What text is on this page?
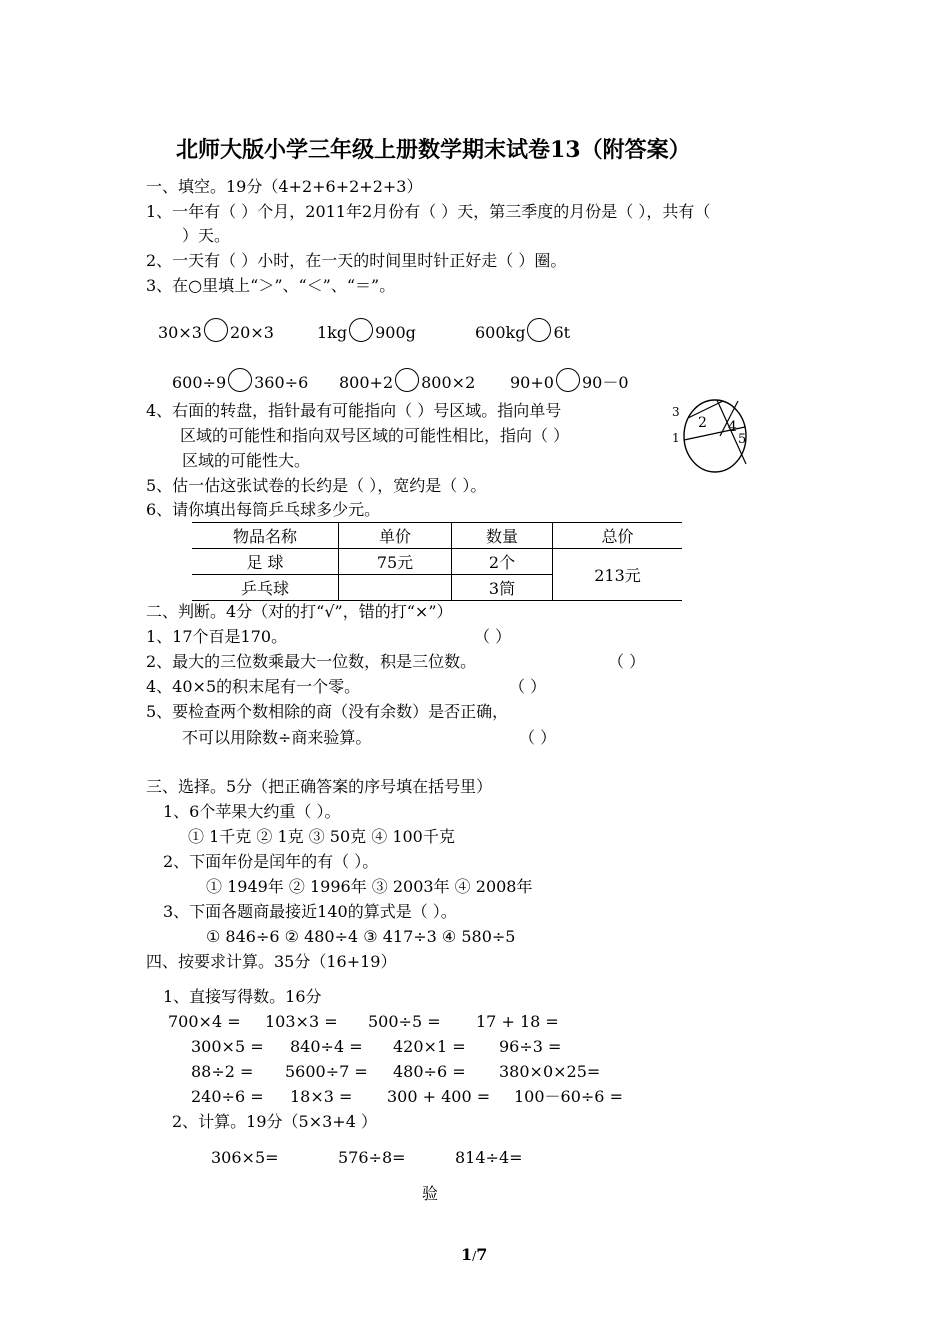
北师大版小学三年级上册数学期末试卷13（附答案）
一、填空。19分（4+2+6+2+2+3）
1、一年有（ ）个月，2011年2月份有（ ）天，第三季度的月份是（ ），共有（
）天。
2、一天有（ ）小时，在一天的时间里时针正好走（ ）圈。
3、在○里填上“＞”、“＜”、“＝”。
30×3 20×3	1kg 900g	600kg 6t
600÷9 360÷6 800+2 800×2 90+0 90－0
4、右面的转盘，指针最有可能指向（ ）号区域。指向单号
区域的可能性和指向双号区域的可能性相比，指向（ ）
区域的可能性大。
3
1
2 4
5
5、估一估这张试卷的长约是（ ），宽约是（ ）。
6、请你填出每筒乒乓球多少元。
物品名称	单价	数量	总价
足 球	75元	2个	213元
乒乓球		3筒	
二、判断。4分（对的打“√”，错的打“×”）
1、17个百是170。	（ ）
2、最大的三位数乘最大一位数，积是三位数。	（ ）
4、40×5的积末尾有一个零。	（ ）
5、要检查两个数相除的商（没有余数）是否正确，
不可以用除数÷商来验算。	（ ）
三、选择。5分（把正确答案的序号填在括号里）
1、6个苹果大约重（ ）。
① 1千克 ② 1克 ③ 50克 ④ 100千克
2、下面年份是闰年的有（ ）。
① 1949年 ② 1996年 ③ 2003年 ④ 2008年
3、下面各题商最接近140的算式是（ ）。
① 846÷6 ② 480÷4 ③ 417÷3 ④ 580÷5
四、按要求计算。35分（16+19）
1、直接写得数。16分
700×4 = 103×3 = 500÷5 = 17 + 18 =
300×5 = 840÷4 = 420×1 = 96÷3 =
88÷2 = 5600÷7 = 480÷6 = 380×0×25=
240÷6 = 18×3 = 300 + 400 = 100－60÷6 =
2、计算。19分（5×3+4 ）
306×5=	576÷8=	814÷4=
验
1/7
